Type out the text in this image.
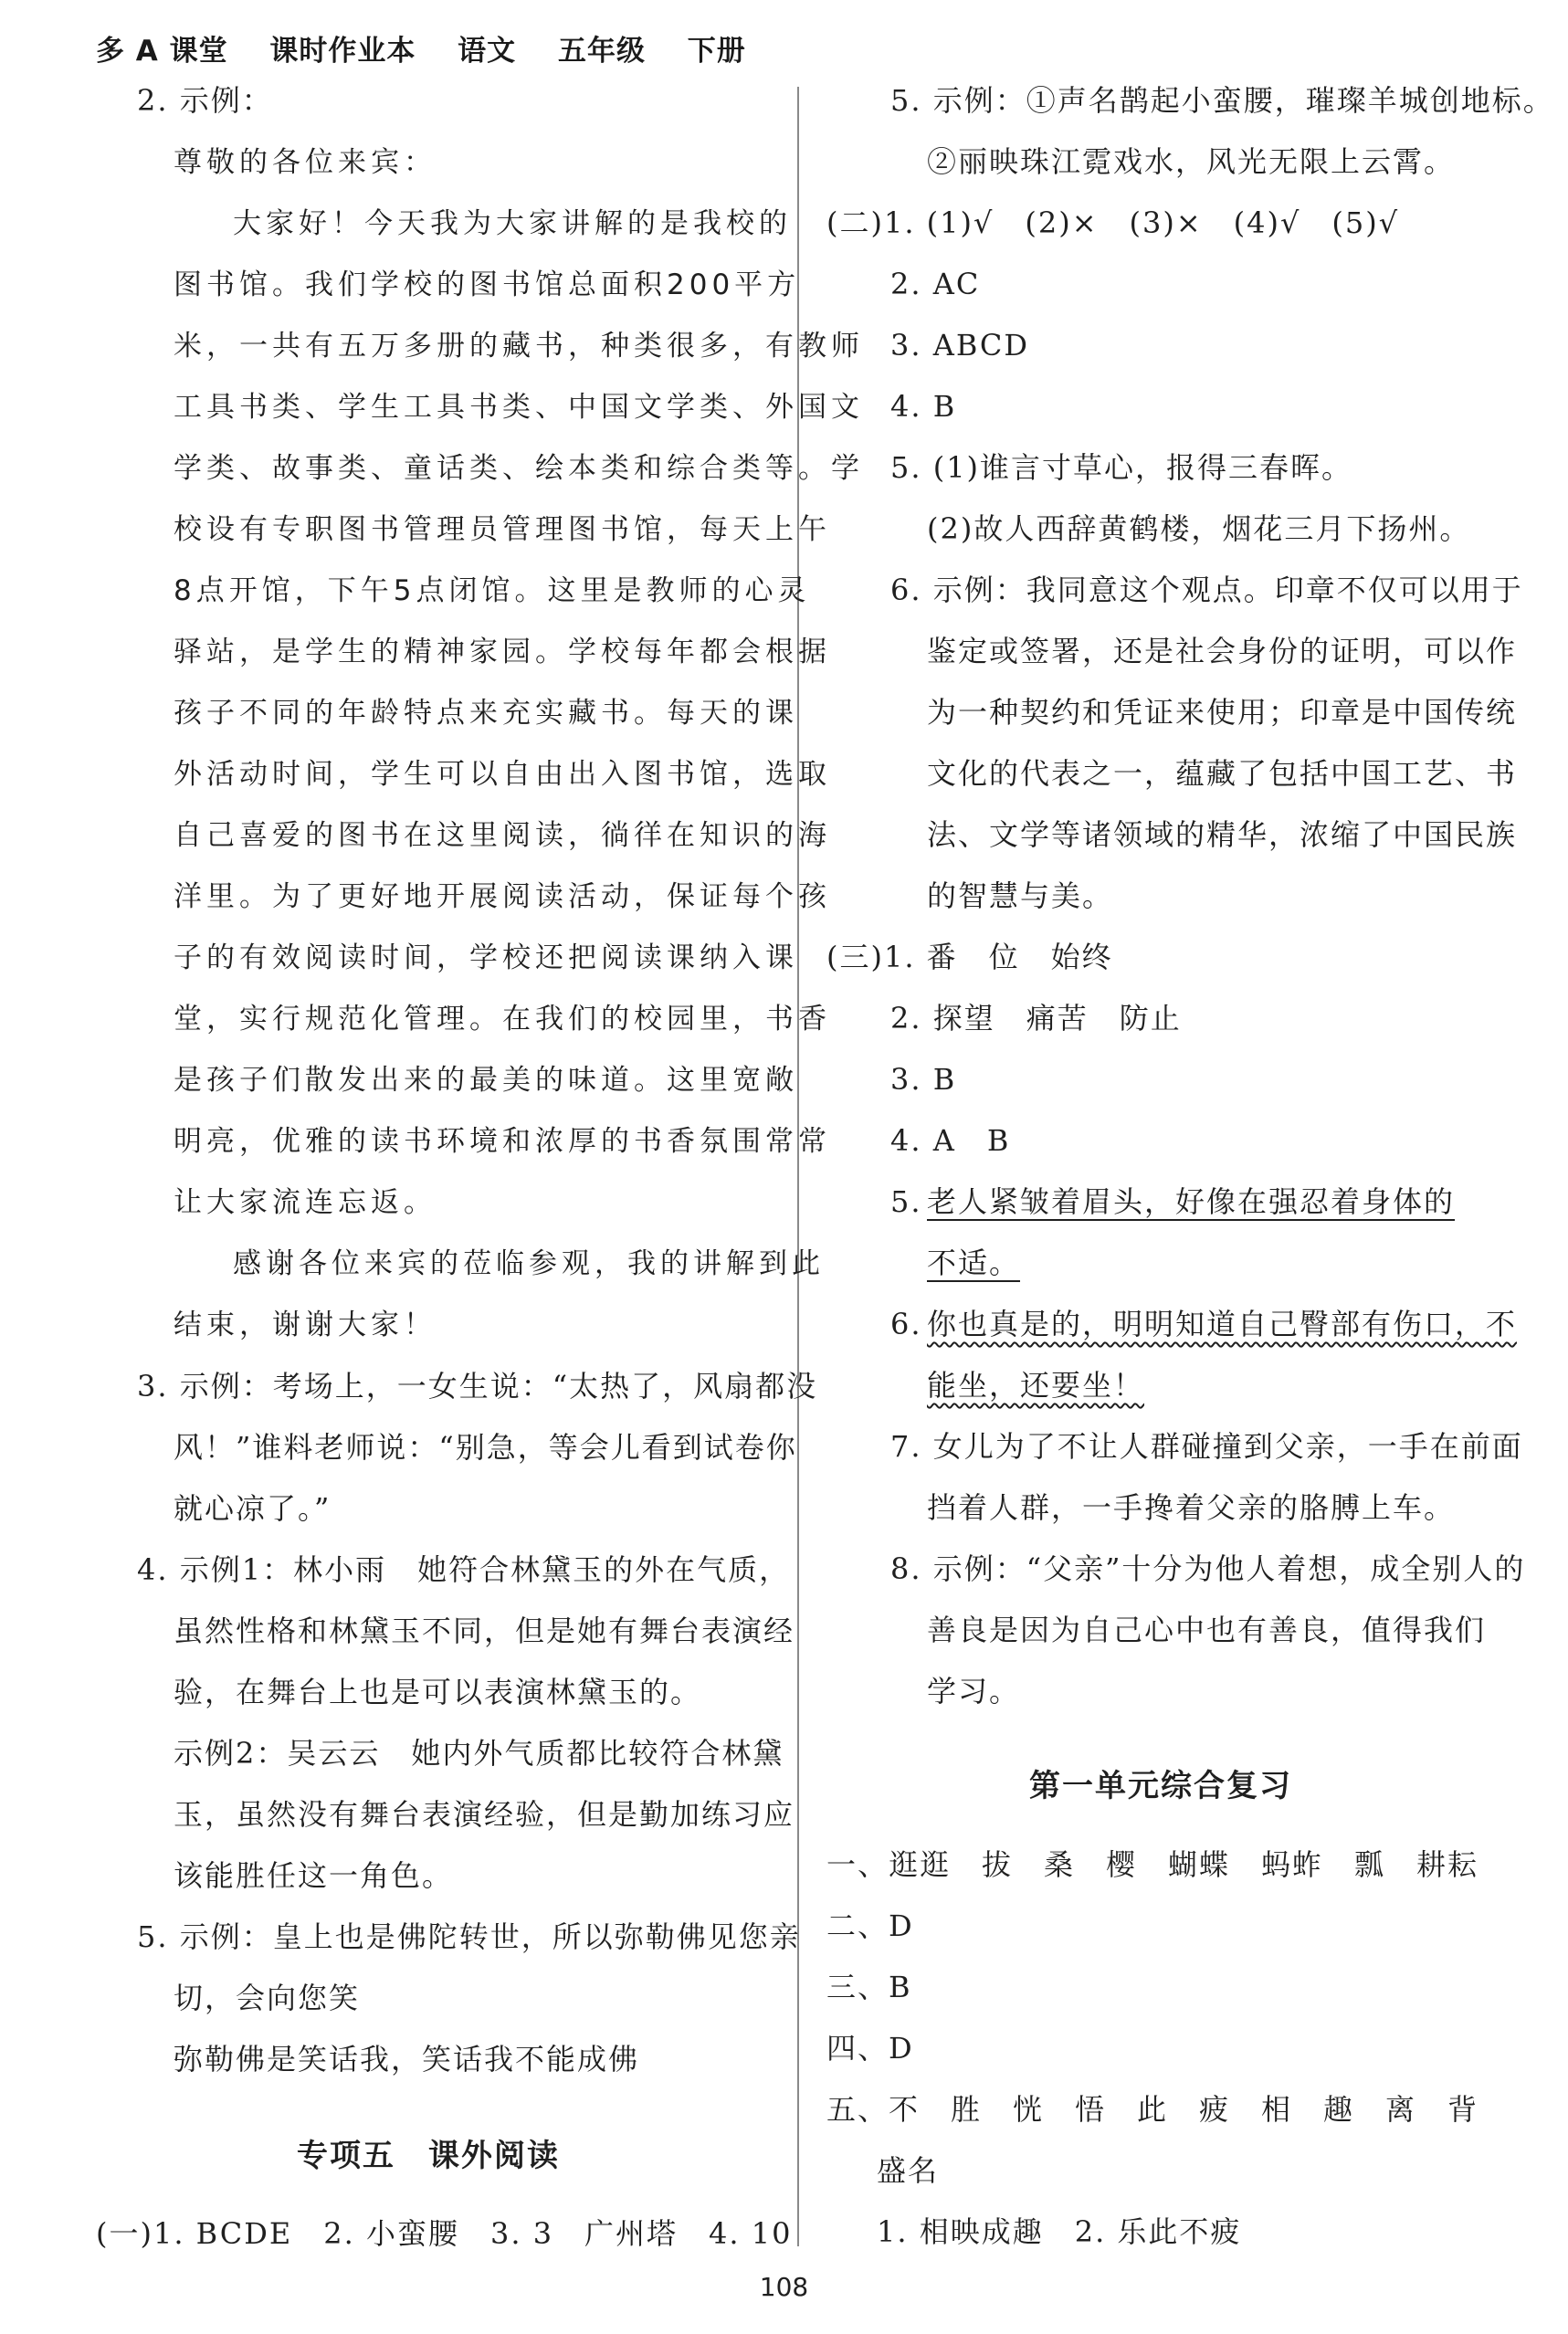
多 A 课堂 课时作业本 语文 五年级 下册
2. 示例：
尊敬的各位来宾：
大家好！今天我为大家讲解的是我校的
图书馆。我们学校的图书馆总面积200平方
米，一共有五万多册的藏书，种类很多，有教师
工具书类、学生工具书类、中国文学类、外国文
学类、故事类、童话类、绘本类和综合类等。学
校设有专职图书管理员管理图书馆，每天上午
8点开馆，下午5点闭馆。这里是教师的心灵
驿站，是学生的精神家园。学校每年都会根据
孩子不同的年龄特点来充实藏书。每天的课
外活动时间，学生可以自由出入图书馆，选取
自己喜爱的图书在这里阅读，徜徉在知识的海
洋里。为了更好地开展阅读活动，保证每个孩
子的有效阅读时间，学校还把阅读课纳入课
堂，实行规范化管理。在我们的校园里，书香
是孩子们散发出来的最美的味道。这里宽敞
明亮，优雅的读书环境和浓厚的书香氛围常常
让大家流连忘返。
感谢各位来宾的莅临参观，我的讲解到此
结束，谢谢大家！
3. 示例：考场上，一女生说：“太热了，风扇都没
风！”谁料老师说：“别急，等会儿看到试卷你
就心凉了。”
4. 示例1：林小雨　她符合林黛玉的外在气质，
虽然性格和林黛玉不同，但是她有舞台表演经
验，在舞台上也是可以表演林黛玉的。
示例2：吴云云　她内外气质都比较符合林黛
玉，虽然没有舞台表演经验，但是勤加练习应
该能胜任这一角色。
5. 示例：皇上也是佛陀转世，所以弥勒佛见您亲
切，会向您笑
弥勒佛是笑话我，笑话我不能成佛
专项五　课外阅读
(一)1. BCDE　2. 小蛮腰　3. 3　广州塔　4. 10
5. 示例：①声名鹊起小蛮腰，璀璨羊城创地标。
②丽映珠江霓戏水，风光无限上云霄。
(二)1. (1)√　(2)×　(3)×　(4)√　(5)√
2. AC
3. ABCD
4. B
5. (1)谁言寸草心，报得三春晖。
(2)故人西辞黄鹤楼，烟花三月下扬州。
6. 示例：我同意这个观点。印章不仅可以用于
鉴定或签署，还是社会身份的证明，可以作
为一种契约和凭证来使用；印章是中国传统
文化的代表之一，蕴藏了包括中国工艺、书
法、文学等诸领域的精华，浓缩了中国民族
的智慧与美。
(三)1. 番　位　始终
2. 探望　痛苦　防止
3. B
4. A　B
5. 老人紧皱着眉头，好像在强忍着身体的
不适。
6. 你也真是的，明明知道自己臀部有伤口，不
能坐，还要坐！
7. 女儿为了不让人群碰撞到父亲，一手在前面
挡着人群，一手搀着父亲的胳膊上车。
8. 示例：“父亲”十分为他人着想，成全别人的
善良是因为自己心中也有善良，值得我们
学习。
第一单元综合复习
一、逛逛　拔　桑　樱　蝴蝶　蚂蚱　瓢　耕耘
二、D
三、B
四、D
五、不　胜　恍　悟　此　疲　相　趣　离　背
盛名
1. 相映成趣　2. 乐此不疲
108
